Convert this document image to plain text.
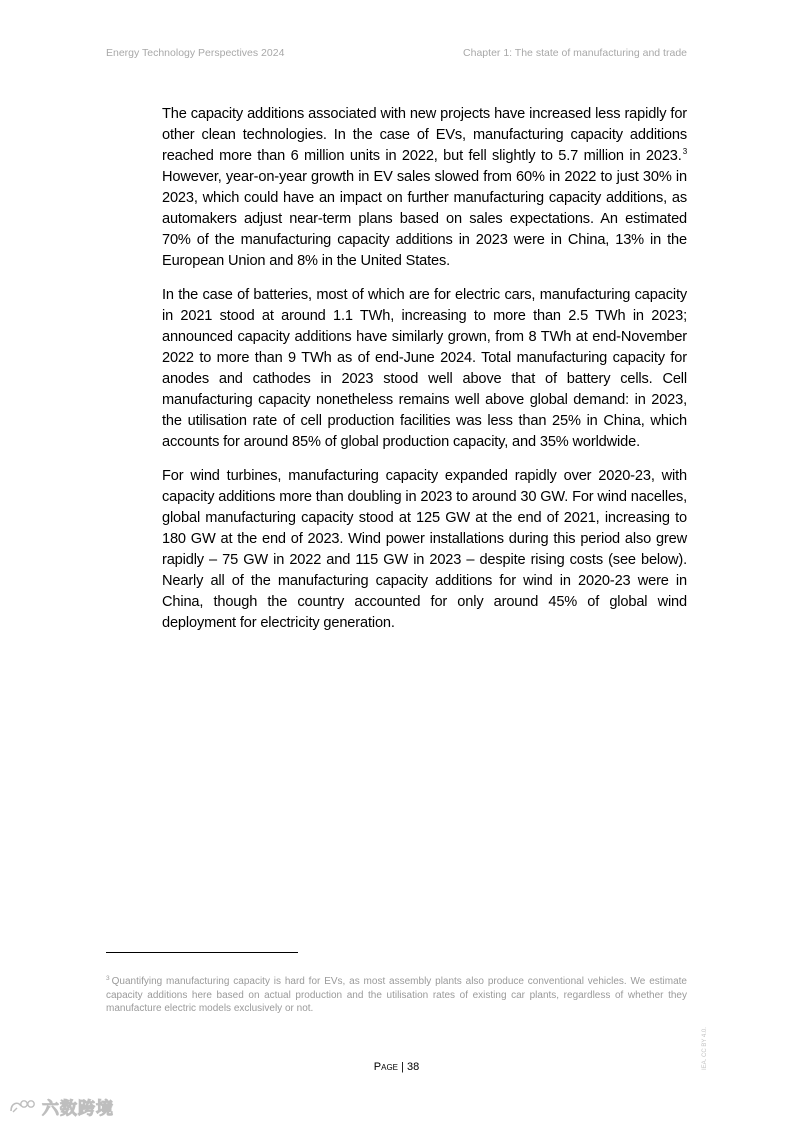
Energy Technology Perspectives 2024	Chapter 1: The state of manufacturing and trade

The capacity additions associated with new projects have increased less rapidly for other clean technologies. In the case of EVs, manufacturing capacity additions reached more than 6 million units in 2022, but fell slightly to 5.7 million in 2023.$^3$ However, year-on-year growth in EV sales slowed from 60% in 2022 to just 30% in 2023, which could have an impact on further manufacturing capacity additions, as automakers adjust near-term plans based on sales expectations. An estimated 70% of the manufacturing capacity additions in 2023 were in China, 13% in the European Union and 8% in the United States.

In the case of batteries, most of which are for electric cars, manufacturing capacity in 2021 stood at around 1.1 TWh, increasing to more than 2.5 TWh in 2023; announced capacity additions have similarly grown, from 8 TWh at end-November 2022 to more than 9 TWh as of end-June 2024. Total manufacturing capacity for anodes and cathodes in 2023 stood well above that of battery cells. Cell manufacturing capacity nonetheless remains well above global demand: in 2023, the utilisation rate of cell production facilities was less than 25% in China, which accounts for around 85% of global production capacity, and 35% worldwide.

For wind turbines, manufacturing capacity expanded rapidly over 2020-23, with capacity additions more than doubling in 2023 to around 30 GW. For wind nacelles, global manufacturing capacity stood at 125 GW at the end of 2021, increasing to 180 GW at the end of 2023. Wind power installations during this period also grew rapidly – 75 GW in 2022 and 115 GW in 2023 – despite rising costs (see below). Nearly all of the manufacturing capacity additions for wind in 2020-23 were in China, though the country accounted for only around 45% of global wind deployment for electricity generation.

$^3$ Quantifying manufacturing capacity is hard for EVs, as most assembly plants also produce conventional vehicles. We estimate capacity additions here based on actual production and the utilisation rates of existing car plants, regardless of whether they manufacture electric models exclusively or not.
IEA. CC BY 4.0.
Page | 38
六数跨境
